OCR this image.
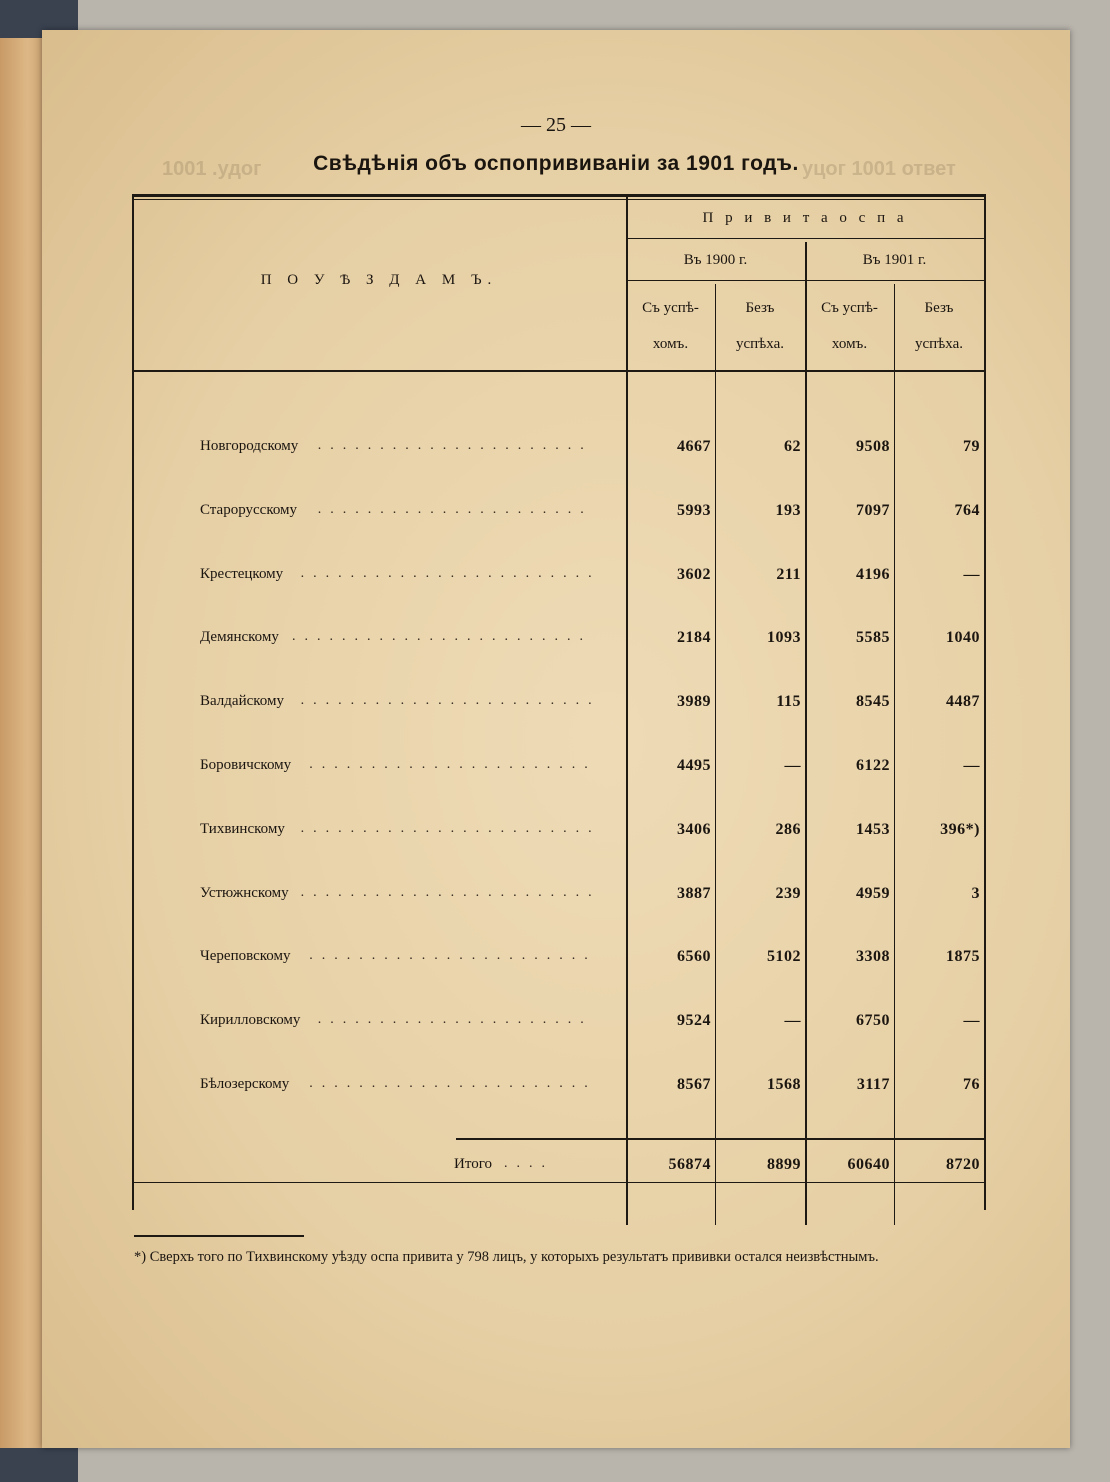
— 25 —
1001 .удог	уцог 1001 ответ
Свѣдѣнія объ оспопрививаніи за 1901 годъ.
П О У Ѣ З Д А М Ъ.
П р и в и т а о с п а
Въ 1900 г.	Въ 1901 г.
Съ успѣ-
хомъ.
Безъ
успѣха.
Съ успѣ-
хомъ.
Безъ
успѣха.
Новгородскому ......................	4667	62	9508	79
Старорусскому ......................	5993	193	7097	764
Крестецкому ........................	3602	211	4196	—
Демянскому ........................	2184	1093	5585	1040
Валдайскому ........................	3989	115	8545	4487
Боровичскому .......................	4495	—	6122	—
Тихвинскому ........................	3406	286	1453	396*)
Устюжнскому ........................	3887	239	4959	3
Череповскому .......................	6560	5102	3308	1875
Кирилловскому ......................	9524	—	6750	—
Бѣлозерскому .......................	8567	1568	3117	76
Итого ....	56874	8899	60640	8720
*) Сверхъ того по Тихвинскому уѣзду оспа привита у 798 лицъ, у которыхъ результатъ прививки остался неизвѣстнымъ.
